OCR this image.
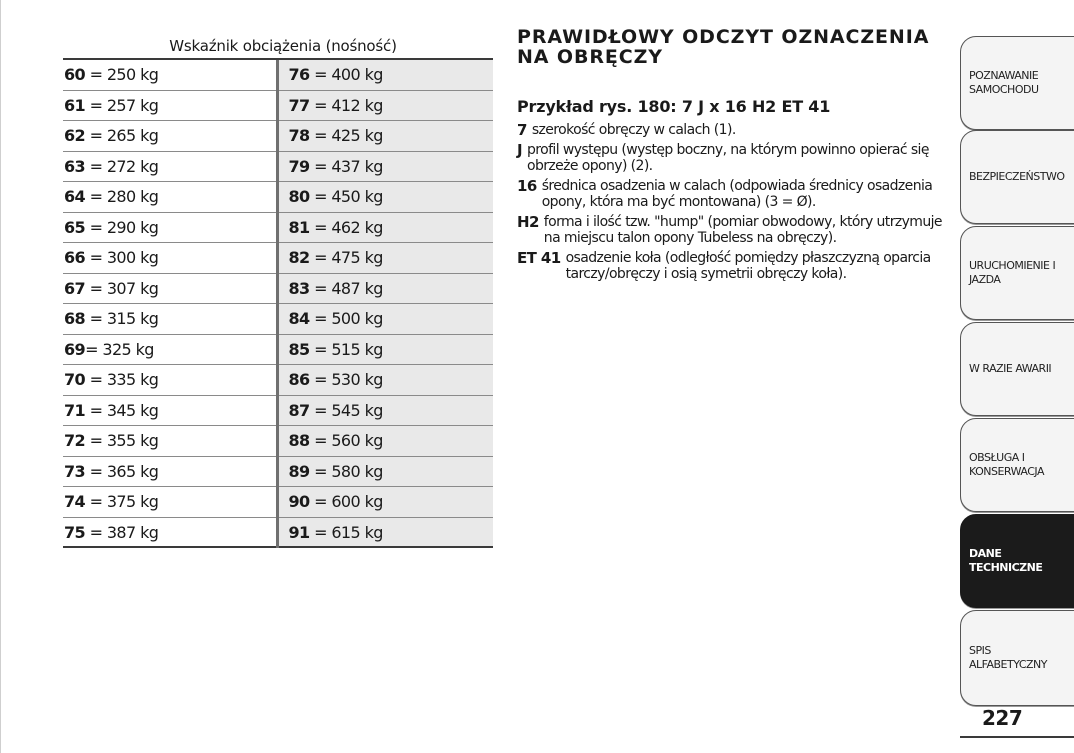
Wskaźnik obciążenia (nośność)
60 = 250 kg	76 = 400 kg
61 = 257 kg	77 = 412 kg
62 = 265 kg	78 = 425 kg
63 = 272 kg	79 = 437 kg
64 = 280 kg	80 = 450 kg
65 = 290 kg	81 = 462 kg
66 = 300 kg	82 = 475 kg
67 = 307 kg	83 = 487 kg
68 = 315 kg	84 = 500 kg
69= 325 kg	85 = 515 kg
70 = 335 kg	86 = 530 kg
71 = 345 kg	87 = 545 kg
72 = 355 kg	88 = 560 kg
73 = 365 kg	89 = 580 kg
74 = 375 kg	90 = 600 kg
75 = 387 kg	91 = 615 kg
PRAWIDŁOWY ODCZYT OZNACZENIA
NA OBRĘCZY
Przykład rys. 180: 7 J x 16 H2 ET 41
7 szerokość obręczy w calach (1).
J profil występu (występ boczny, na którym powinno opierać się obrzeże opony) (2).
16 średnica osadzenia w calach (odpowiada średnicy osadzenia opony, która ma być montowana) (3 = Ø).
H2 forma i ilość tzw. "hump" (pomiar obwodowy, który utrzymuje na miejscu talon opony Tubeless na obręczy).
ET 41 osadzenie koła (odległość pomiędzy płaszczyzną oparcia tarczy/obręczy i osią symetrii obręczy koła).
POZNAWANIE SAMOCHODU
BEZPIECZEŃSTWO
URUCHOMIENIE I JAZDA
W RAZIE AWARII
OBSŁUGA I KONSERWACJA
DANE TECHNICZNE
SPIS ALFABETYCZNY
227
